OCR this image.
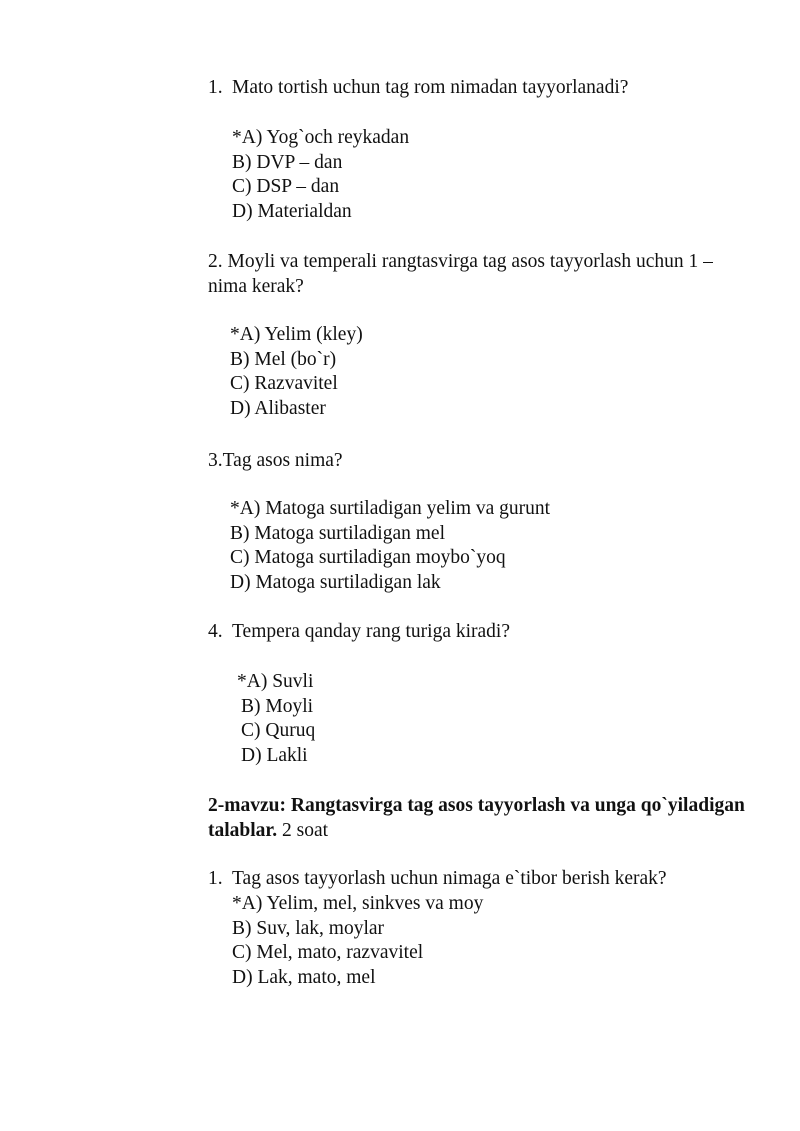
1. Mato tortish uchun tag rom nimadan tayyorlanadi?
*A) Yog`och reykadan
B) DVP – dan
C) DSP – dan
D) Materialdan
2. Moyli va temperali rangtasvirga tag asos tayyorlash uchun 1 – nima kerak?
*A) Yelim (kley)
B) Mel (bo`r)
C) Razvavitel
D) Alibaster
3.Tag asos nima?
*A) Matoga surtiladigan yelim va gurunt
B) Matoga surtiladigan mel
C) Matoga surtiladigan moybo`yoq
D) Matoga surtiladigan lak
4. Tempera qanday rang turiga kiradi?
*A) Suvli
B) Moyli
C) Quruq
D) Lakli
2-mavzu: Rangtasvirga tag asos tayyorlash va unga qo`yiladigan talablar. 2 soat
1. Tag asos tayyorlash uchun nimaga e`tibor berish kerak?
*A) Yelim, mel, sinkves va moy
B) Suv, lak, moylar
C) Mel, mato, razvavitel
D) Lak, mato, mel
